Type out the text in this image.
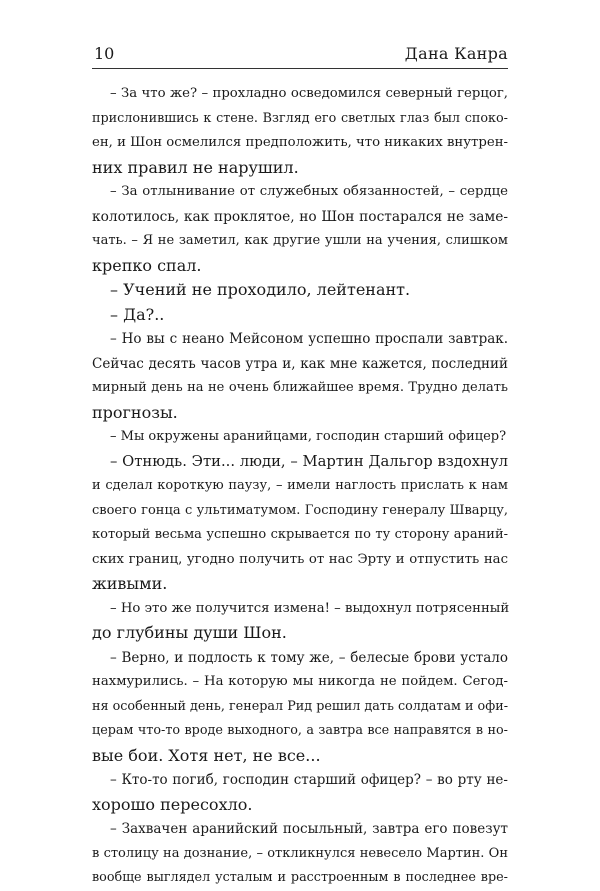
10	Дана Канра
– За что же? – прохладно осведомился северный герцог,
прислонившись к стене. Взгляд его светлых глаз был споко-
ен, и Шон осмелился предположить, что никаких внутрен-
них правил не нарушил.
– За отлынивание от служебных обязанностей, – сердце
колотилось, как проклятое, но Шон постарался не заме-
чать. – Я не заметил, как другие ушли на учения, слишком
крепко спал.
– Учений не проходило, лейтенант.
– Да?..
– Но вы с неано Мейсоном успешно проспали завтрак.
Сейчас десять часов утра и, как мне кажется, последний
мирный день на не очень ближайшее время. Трудно делать
прогнозы.
– Мы окружены аранийцами, господин старший офицер?
– Отнюдь. Эти... люди, – Мартин Дальгор вздохнул
и сделал короткую паузу, – имели наглость прислать к нам
своего гонца с ультиматумом. Господину генералу Шварцу,
который весьма успешно скрывается по ту сторону араний-
ских границ, угодно получить от нас Эрту и отпустить нас
живыми.
– Но это же получится измена! – выдохнул потрясенный
до глубины души Шон.
– Верно, и подлость к тому же, – белесые брови устало
нахмурились. – На которую мы никогда не пойдем. Сегод-
ня особенный день, генерал Рид решил дать солдатам и офи-
церам что-то вроде выходного, а завтра все направятся в но-
вые бои. Хотя нет, не все...
– Кто-то погиб, господин старший офицер? – во рту не-
хорошо пересохло.
– Захвачен аранийский посыльный, завтра его повезут
в столицу на дознание, – откликнулся невесело Мартин. Он
вообще выглядел усталым и расстроенным в последнее вре-
